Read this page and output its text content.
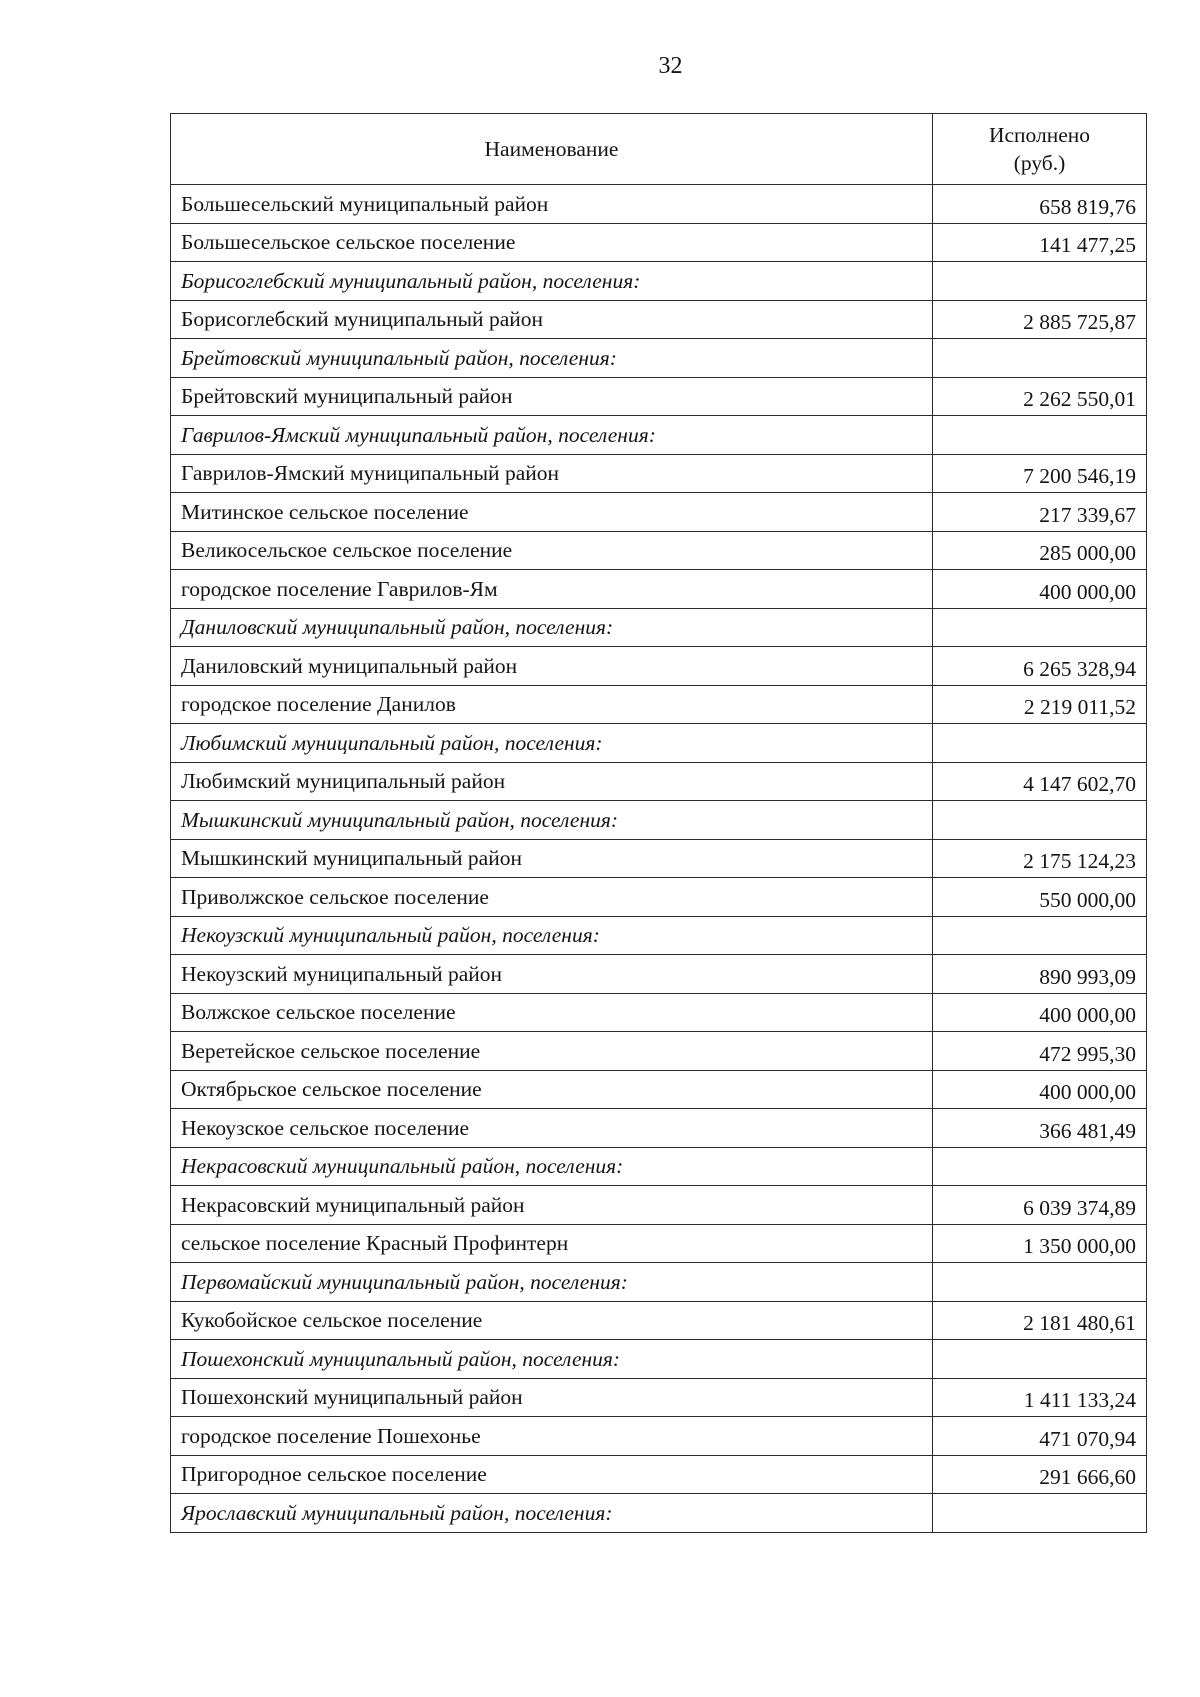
32
Наименование	Исполнено
(руб.)

Большесельский муниципальный район	658 819,76
Большесельское сельское поселение	141 477,25
Борисоглебский муниципальный район, поселения:	
Борисоглебский муниципальный район	2 885 725,87
Брейтовский муниципальный район, поселения:	
Брейтовский муниципальный район	2 262 550,01
Гаврилов-Ямский муниципальный район, поселения:	
Гаврилов-Ямский муниципальный район	7 200 546,19
Митинское сельское поселение	217 339,67
Великосельское сельское поселение	285 000,00
городское поселение Гаврилов-Ям	400 000,00
Даниловский муниципальный район, поселения:	
Даниловский муниципальный район	6 265 328,94
городское поселение Данилов	2 219 011,52
Любимский муниципальный район, поселения:	
Любимский муниципальный район	4 147 602,70
Мышкинский муниципальный район, поселения:	
Мышкинский муниципальный район	2 175 124,23
Приволжское сельское поселение	550 000,00
Некоузский муниципальный район, поселения:	
Некоузский муниципальный район	890 993,09
Волжское сельское поселение	400 000,00
Веретейское сельское поселение	472 995,30
Октябрьское сельское поселение	400 000,00
Некоузское сельское поселение	366 481,49
Некрасовский муниципальный район, поселения:	
Некрасовский муниципальный район	6 039 374,89
сельское поселение Красный Профинтерн	1 350 000,00
Первомайский муниципальный район, поселения:	
Кукобойское сельское поселение	2 181 480,61
Пошехонский муниципальный район, поселения:	
Пошехонский муниципальный район	1 411 133,24
городское поселение Пошехонье	471 070,94
Пригородное сельское поселение	291 666,60
Ярославский муниципальный район, поселения:	
